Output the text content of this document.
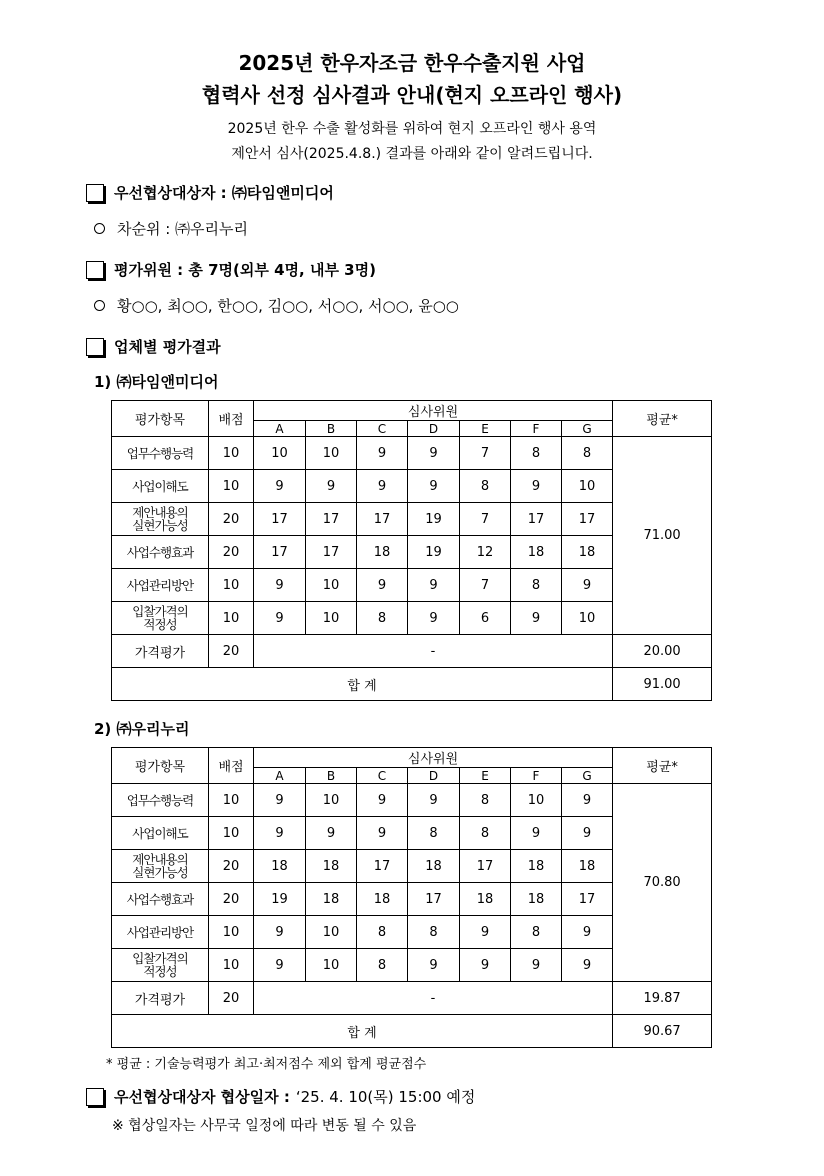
2025년 한우자조금 한우수출지원 사업
협력사 선정 심사결과 안내(현지 오프라인 행사)
2025년 한우 수출 활성화를 위하여 현지 오프라인 행사 용역
제안서 심사(2025.4.8.) 결과를 아래와 같이 알려드립니다.
우선협상대상자 : ㈜타임앤미디어
차순위 : ㈜우리누리
평가위원 : 총 7명(외부 4명, 내부 3명)
황○○, 최○○, 한○○, 김○○, 서○○, 서○○, 윤○○
업체별 평가결과
1) ㈜타임앤미디어
평가항목	배점	심사위원							평균*
		A	B	C	D	E	F	G	

업무수행능력	10	10	10	9	9	7	8	8	71.00

사업이해도	10	9	9	9	9	8	9	10	

제안내용의
실현가능성	20	17	17	17	19	7	17	17	

사업수행효과	20	17	17	18	19	12	18	18	

사업관리방안	10	9	10	9	9	7	8	9	

입찰가격의
적정성	10	9	10	8	9	6	9	10	
가격평가	20	-							20.00
합 계									91.00
2) ㈜우리누리
평가항목	배점	심사위원							평균*
		A	B	C	D	E	F	G	

업무수행능력	10	9	10	9	9	8	10	9	70.80

사업이해도	10	9	9	9	8	8	9	9	

제안내용의
실현가능성	20	18	18	17	18	17	18	18	

사업수행효과	20	19	18	18	17	18	18	17	

사업관리방안	10	9	10	8	8	9	8	9	

입찰가격의
적정성	10	9	10	8	9	9	9	9	
가격평가	20	-							19.87
합 계									90.67
* 평균 : 기술능력평가 최고·최저점수 제외 합계 평균점수
우선협상대상자 협상일자 : ‘25. 4. 10(목) 15:00 예정
※ 협상일자는 사무국 일정에 따라 변동 될 수 있음
